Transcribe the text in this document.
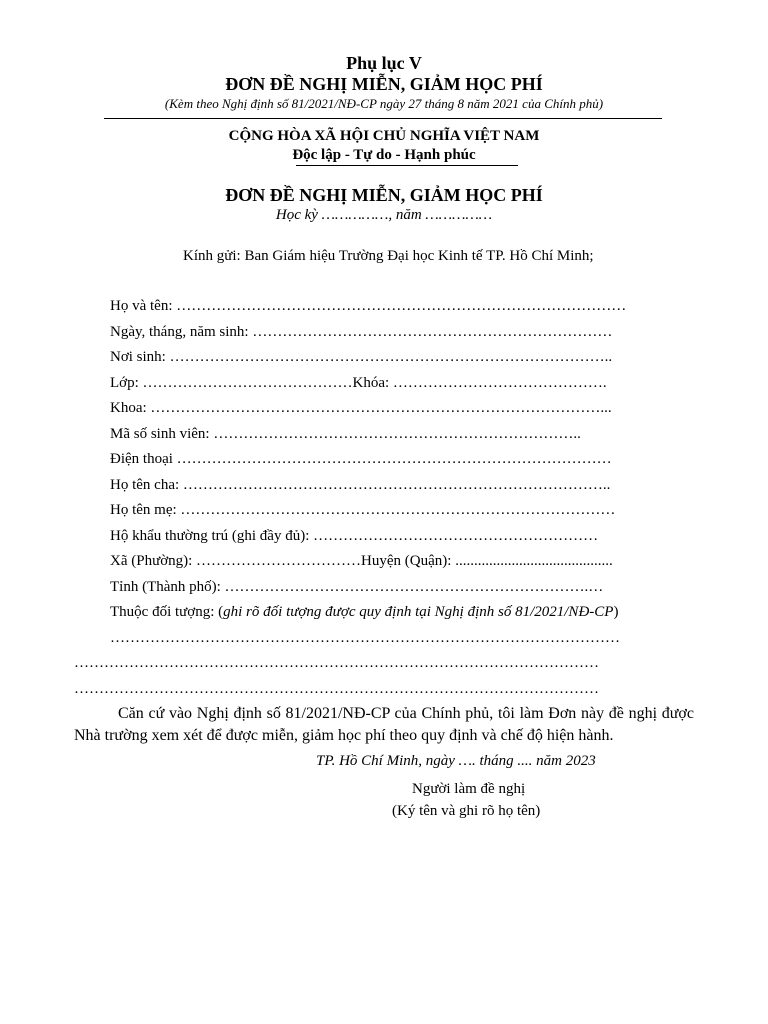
Phụ lục V
ĐƠN ĐỀ NGHỊ MIỄN, GIẢM HỌC PHÍ
(Kèm theo Nghị định số 81/2021/NĐ-CP ngày 27 tháng 8 năm 2021 của Chính phủ)
CỘNG HÒA XÃ HỘI CHỦ NGHĨA VIỆT NAM
Độc lập - Tự do - Hạnh phúc
ĐƠN ĐỀ NGHỊ MIỄN, GIẢM HỌC PHÍ
Học kỳ ……………, năm ……………
Kính gửi: Ban Giám hiệu Trường Đại học Kinh tế TP. Hồ Chí Minh;
Họ và tên: ………………………………………………………………………………
Ngày, tháng, năm sinh: ………………………………………………………………
Nơi sinh: ……………………………………………………………………………..
Lớp: ……………………………………Khóa: …………………………………….
Khoa: ………………………………………………………………………………...
Mã số sinh viên: ………………………………………………………………..
Điện thoại ……………………………………………………………………………
Họ tên cha: …………………………………………………………………………..
Họ tên mẹ: ……………………………………………………………………………
Hộ khẩu thường trú (ghi đầy đủ): …………………………………………………
Xã (Phường): ……………………………Huyện (Quận): ..........................................
Tỉnh (Thành phố): ……………………………………………………………….…
Thuộc đối tượng: (ghi rõ đối tượng được quy định tại Nghị định số 81/2021/NĐ-CP)
…………………………………………………………………………………………
……………………………………………………………………………………………
……………………………………………………………………………………………
Căn cứ vào Nghị định số 81/2021/NĐ-CP của Chính phủ, tôi làm Đơn này đề nghị được Nhà trường xem xét để được miễn, giảm học phí theo quy định và chế độ hiện hành.
TP. Hồ Chí Minh, ngày …. tháng .... năm 2023
Người làm đề nghị
(Ký tên và ghi rõ họ tên)
